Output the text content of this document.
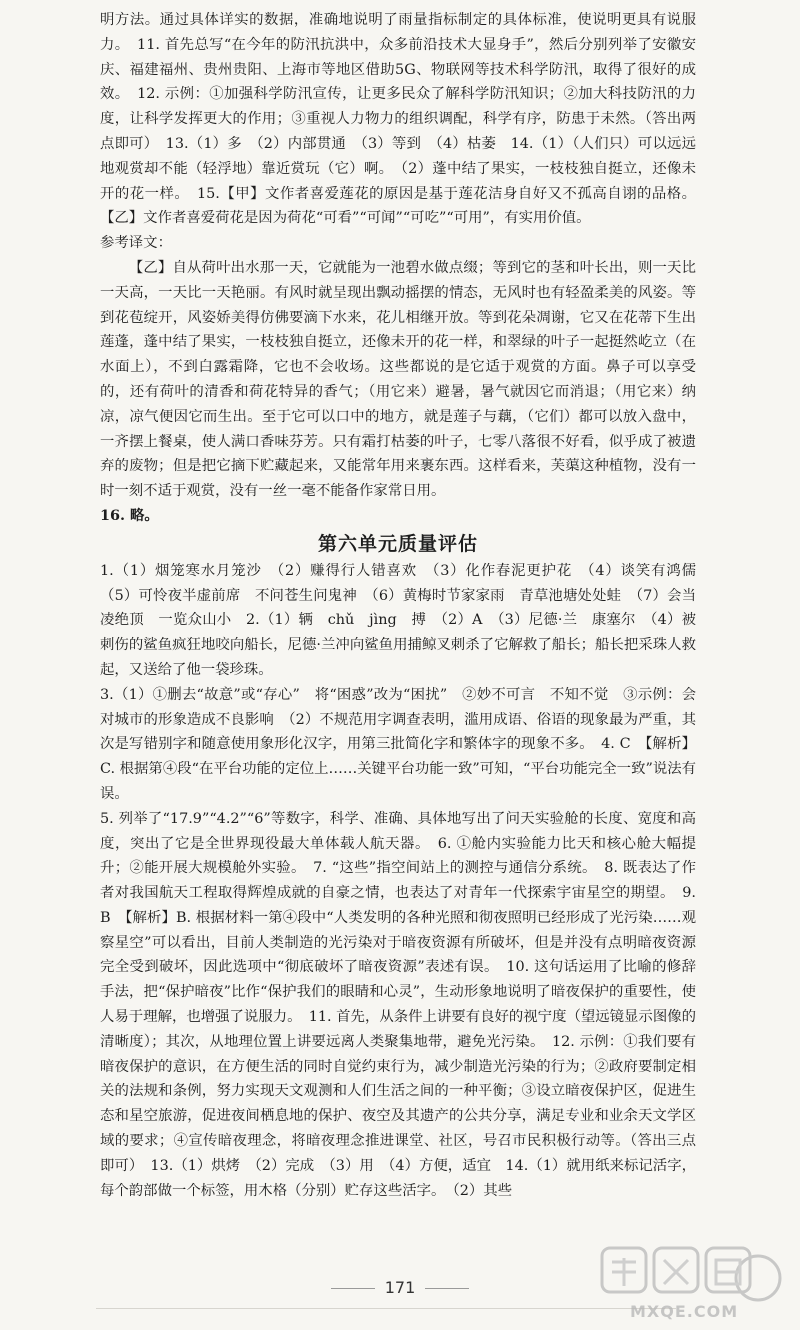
明方法。通过具体详实的数据，准确地说明了雨量指标制定的具体标准，使说明更具有说服力。　11. 首先总写“在今年的防汛抗洪中，众多前沿技术大显身手”，然后分别列举了安徽安庆、福建福州、贵州贵阳、上海市等地区借助5G、物联网等技术科学防汛，取得了很好的成效。　12. 示例：①加强科学防汛宣传，让更多民众了解科学防汛知识；②加大科技防汛的力度，让科学发挥更大的作用；③重视人力物力的组织调配，科学有序，防患于未然。（答出两点即可）　13.（1）多　（2）内部贯通　（3）等到　（4）枯萎　14.（1）（人们只）可以远远地观赏却不能（轻浮地）靠近赏玩（它）啊。　（2）蓬中结了果实，一枝枝独自挺立，还像未开的花一样。　15.【甲】文作者喜爱莲花的原因是基于莲花洁身自好又不孤高自诩的品格。【乙】文作者喜爱荷花是因为荷花“可看”“可闻”“可吃”“可用”，有实用价值。

参考译文：

【乙】自从荷叶出水那一天，它就能为一池碧水做点缀；等到它的茎和叶长出，则一天比一天高，一天比一天艳丽。有风时就呈现出飘动摇摆的情态，无风时也有轻盈柔美的风姿。等到花苞绽开，风姿娇美得仿佛要滴下水来，花儿相继开放。等到花朵凋谢，它又在花蒂下生出莲蓬，蓬中结了果实，一枝枝独自挺立，还像未开的花一样，和翠绿的叶子一起挺然屹立（在水面上），不到白露霜降，它也不会收场。这些都说的是它适于观赏的方面。鼻子可以享受的，还有荷叶的清香和荷花特异的香气；（用它来）避暑，暑气就因它而消退；（用它来）纳凉，凉气便因它而生出。至于它可以口中的地方，就是莲子与藕，（它们）都可以放入盘中，一齐摆上餐桌，使人满口香味芬芳。只有霜打枯萎的叶子，七零八落很不好看，似乎成了被遗弃的废物；但是把它摘下贮藏起来，又能常年用来裹东西。这样看来，芙蕖这种植物，没有一时一刻不适于观赏，没有一丝一毫不能备作家常日用。

16. 略。

第六单元质量评估

1.（1）烟笼寒水月笼沙　（2）赚得行人错喜欢　（3）化作春泥更护花　（4）谈笑有鸿儒　（5）可怜夜半虚前席　不问苍生问鬼神　（6）黄梅时节家家雨　青草池塘处处蛙　（7）会当凌绝顶　一览众山小　2.（1）辆　chǔ　jìng　搏　（2）A　（3）尼德·兰　康塞尔　（4）被刺伤的鲨鱼疯狂地咬向船长，尼德·兰冲向鲨鱼用捕鲸叉刺杀了它解救了船长；船长把采珠人救起，又送给了他一袋珍珠。

3.（1）①删去“故意”或“存心”　将“困惑”改为“困扰”　②妙不可言　不知不觉　③示例：会对城市的形象造成不良影响　（2）不规范用字调查表明，滥用成语、俗语的现象最为严重，其次是写错别字和随意使用象形化汉字，用第三批简化字和繁体字的现象不多。　4. C　【解析】C. 根据第④段“在平台功能的定位上……关键平台功能一致”可知，“平台功能完全一致”说法有误。

5. 列举了“17.9”“4.2”“6”等数字，科学、准确、具体地写出了问天实验舱的长度、宽度和高度，突出了它是全世界现役最大单体载人航天器。　6. ①舱内实验能力比天和核心舱大幅提升；②能开展大规模舱外实验。　7. “这些”指空间站上的测控与通信分系统。　8. 既表达了作者对我国航天工程取得辉煌成就的自豪之情，也表达了对青年一代探索宇宙星空的期望。　9. B　【解析】B. 根据材料一第④段中“人类发明的各种光照和彻夜照明已经形成了光污染……观察星空”可以看出，目前人类制造的光污染对于暗夜资源有所破坏，但是并没有点明暗夜资源完全受到破坏，因此选项中“彻底破坏了暗夜资源”表述有误。　10. 这句话运用了比喻的修辞手法，把“保护暗夜”比作“保护我们的眼睛和心灵”，生动形象地说明了暗夜保护的重要性，使人易于理解，也增强了说服力。　11. 首先，从条件上讲要有良好的视宁度（望远镜显示图像的清晰度）；其次，从地理位置上讲要远离人类聚集地带，避免光污染。　12. 示例：①我们要有暗夜保护的意识，在方便生活的同时自觉约束行为，减少制造光污染的行为；②政府要制定相关的法规和条例，努力实现天文观测和人们生活之间的一种平衡；③设立暗夜保护区，促进生态和星空旅游，促进夜间栖息地的保护、夜空及其遗产的公共分享，满足专业和业余天文学区域的要求；④宣传暗夜理念，将暗夜理念推进课堂、社区，号召市民积极行动等。（答出三点即可）　13.（1）烘烤　（2）完成　（3）用　（4）方便，适宜　14.（1）就用纸来标记活字，每个韵部做一个标签，用木格（分别）贮存这些活字。　（2）其些

171
MXQE.COM
